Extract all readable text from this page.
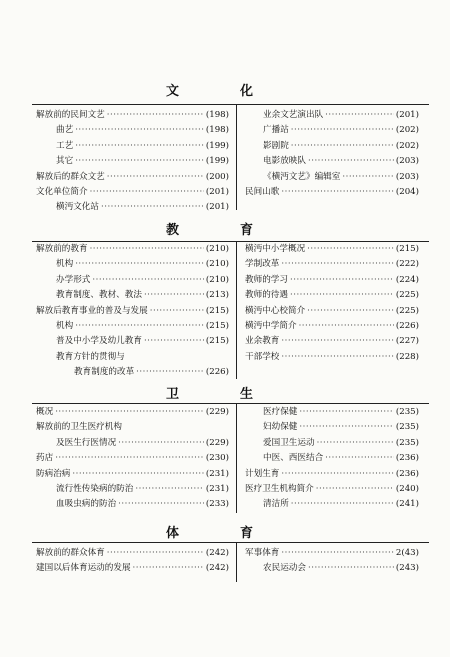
文	化
解放前的民间文艺 ·····	(198)
曲艺 ·····	(198)
工艺 ·····	(199)
其它 ·····	(199)
解放后的群众文艺 ·····	(200)
文化单位简介 ·····	(201)
横沔文化站 ·····	(201)
业余文艺演出队 ·····	(201)
广播站 ·····	(202)
影剧院 ·····	(202)
电影放映队 ·····	(203)
《横沔文艺》编辑室 ·····	(203)
民间山歌 ·····	(204)
教	育
解放前的教育 ·····	(210)
机构 ·····	(210)
办学形式 ·····	(210)
教育制度、教材、教法 ·····	(213)
解放后教育事业的普及与发展 ·····	(215)
机构 ·····	(215)
普及中小学及幼儿教育 ·····	(215)
教育方针的贯彻与
教育制度的改革 ·····	(226)
横沔中小学概况 ·····	(215)
学制改革 ·····	(222)
教师的学习 ·····	(224)
教师的待遇 ·····	(225)
横沔中心校简介 ·····	(225)
横沔中学简介 ·····	(226)
业余教育 ·····	(227)
干部学校 ·····	(228)
卫	生
概况 ·····	(229)
解放前的卫生医疗机构
及医生行医情况 ·····	(229)
药店 ·····	(230)
防病治病 ·····	(231)
流行性传染病的防治 ·····	(231)
血吸虫病的防治 ·····	(233)
医疗保健 ·····	(235)
妇幼保健 ·····	(235)
爱国卫生运动 ·····	(235)
中医、西医结合 ·····	(236)
计划生育 ·····	(236)
医疗卫生机构简介 ·····	(240)
清洁所 ·····	(241)
体	育
解放前的群众体育 ·····	(242)
建国以后体育运动的发展 ·····	(242)
军事体育 ·····	2(43)
农民运动会 ·····	(243)
